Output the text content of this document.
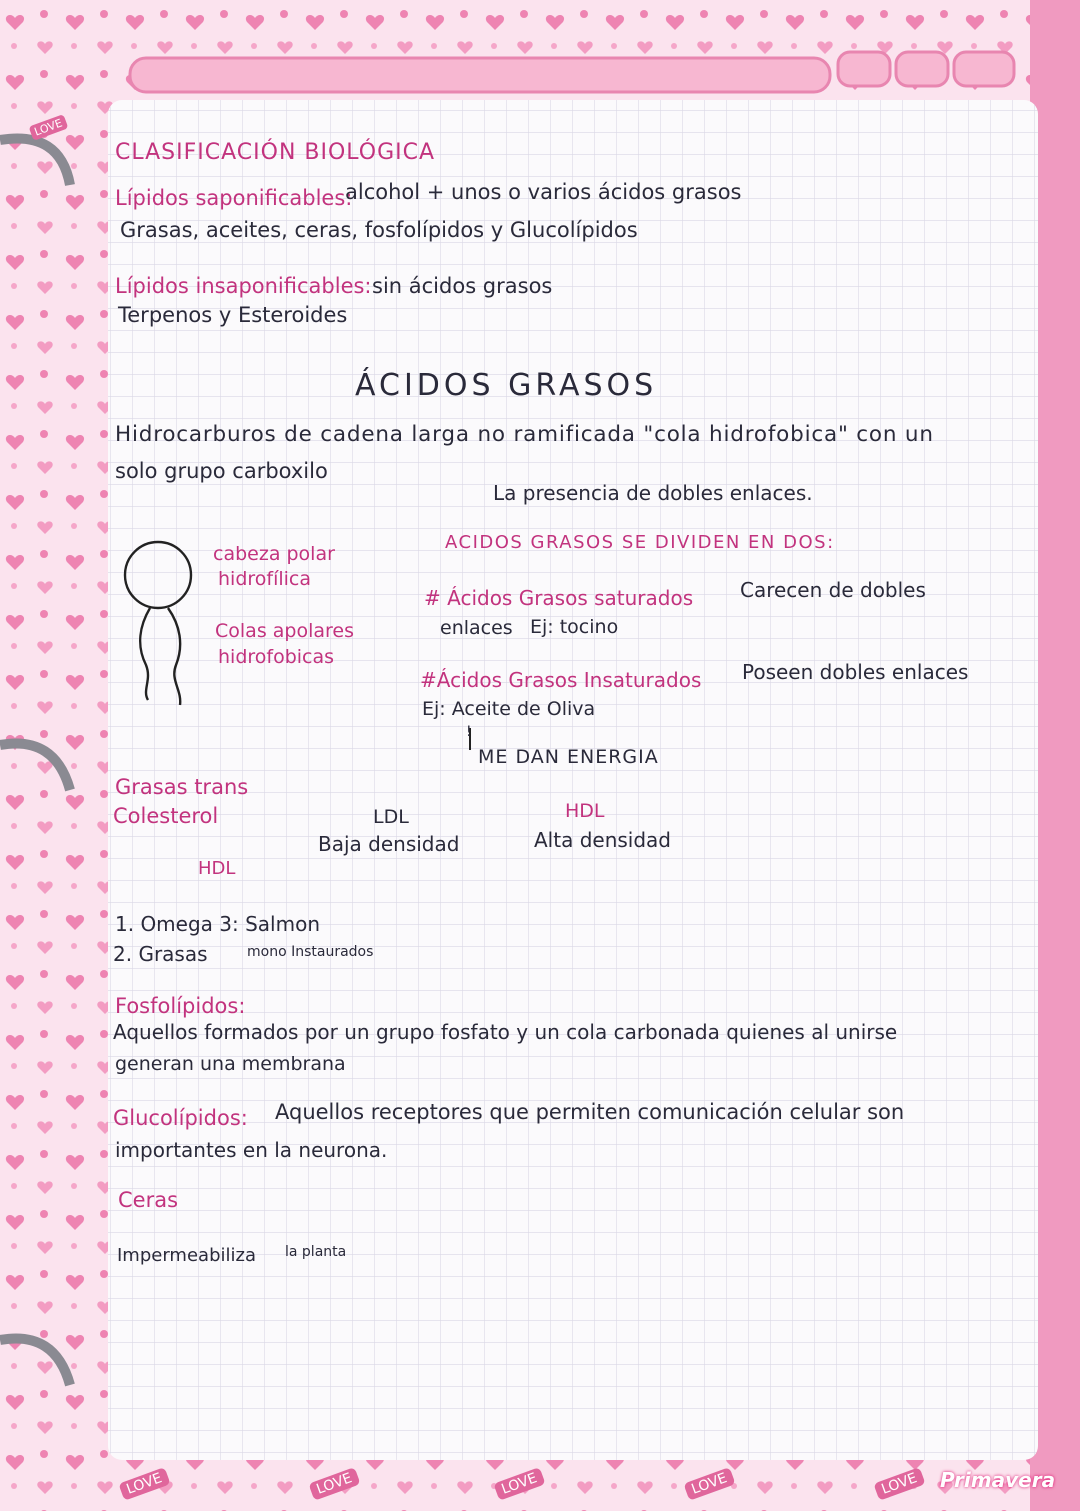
LOVE
LOVE	LOVE	LOVE	LOVE	LOVE Primavera
CLASIFICACIÓN BIOLÓGICA
Lípidos saponificables:
alcohol + unos o varios ácidos grasos
Grasas, aceites, ceras, fosfolípidos y Glucolípidos
Lípidos insaponificables: sin ácidos grasos
Terpenos y Esteroides
ÁCIDOS GRASOS
Hidrocarburos de cadena larga no ramificada "cola hidrofobica" con un
solo grupo carboxilo
La presencia de dobles enlaces.
cabeza polar
hidrofílica
Colas apolares
hidrofobicas
ACIDOS GRASOS SE DIVIDEN EN DOS:
# Ácidos Grasos saturados Carecen de dobles
enlaces Ej: tocino
#Ácidos Grasos Insaturados Poseen dobles enlaces
Ej: Aceite de Oliva
!
ME DAN ENERGIA
Grasas trans
Colesterol	LDL
Baja densidad
HDL
Alta densidad
HDL
1. Omega 3: Salmon
2. Grasas	mono Instaurados
Fosfolípidos:
Aquellos formados por un grupo fosfato y un cola carbonada quienes al unirse
generan una membrana
Glucolípidos: Aquellos receptores que permiten comunicación celular son
importantes en la neurona.
Ceras
Impermeabiliza la planta
